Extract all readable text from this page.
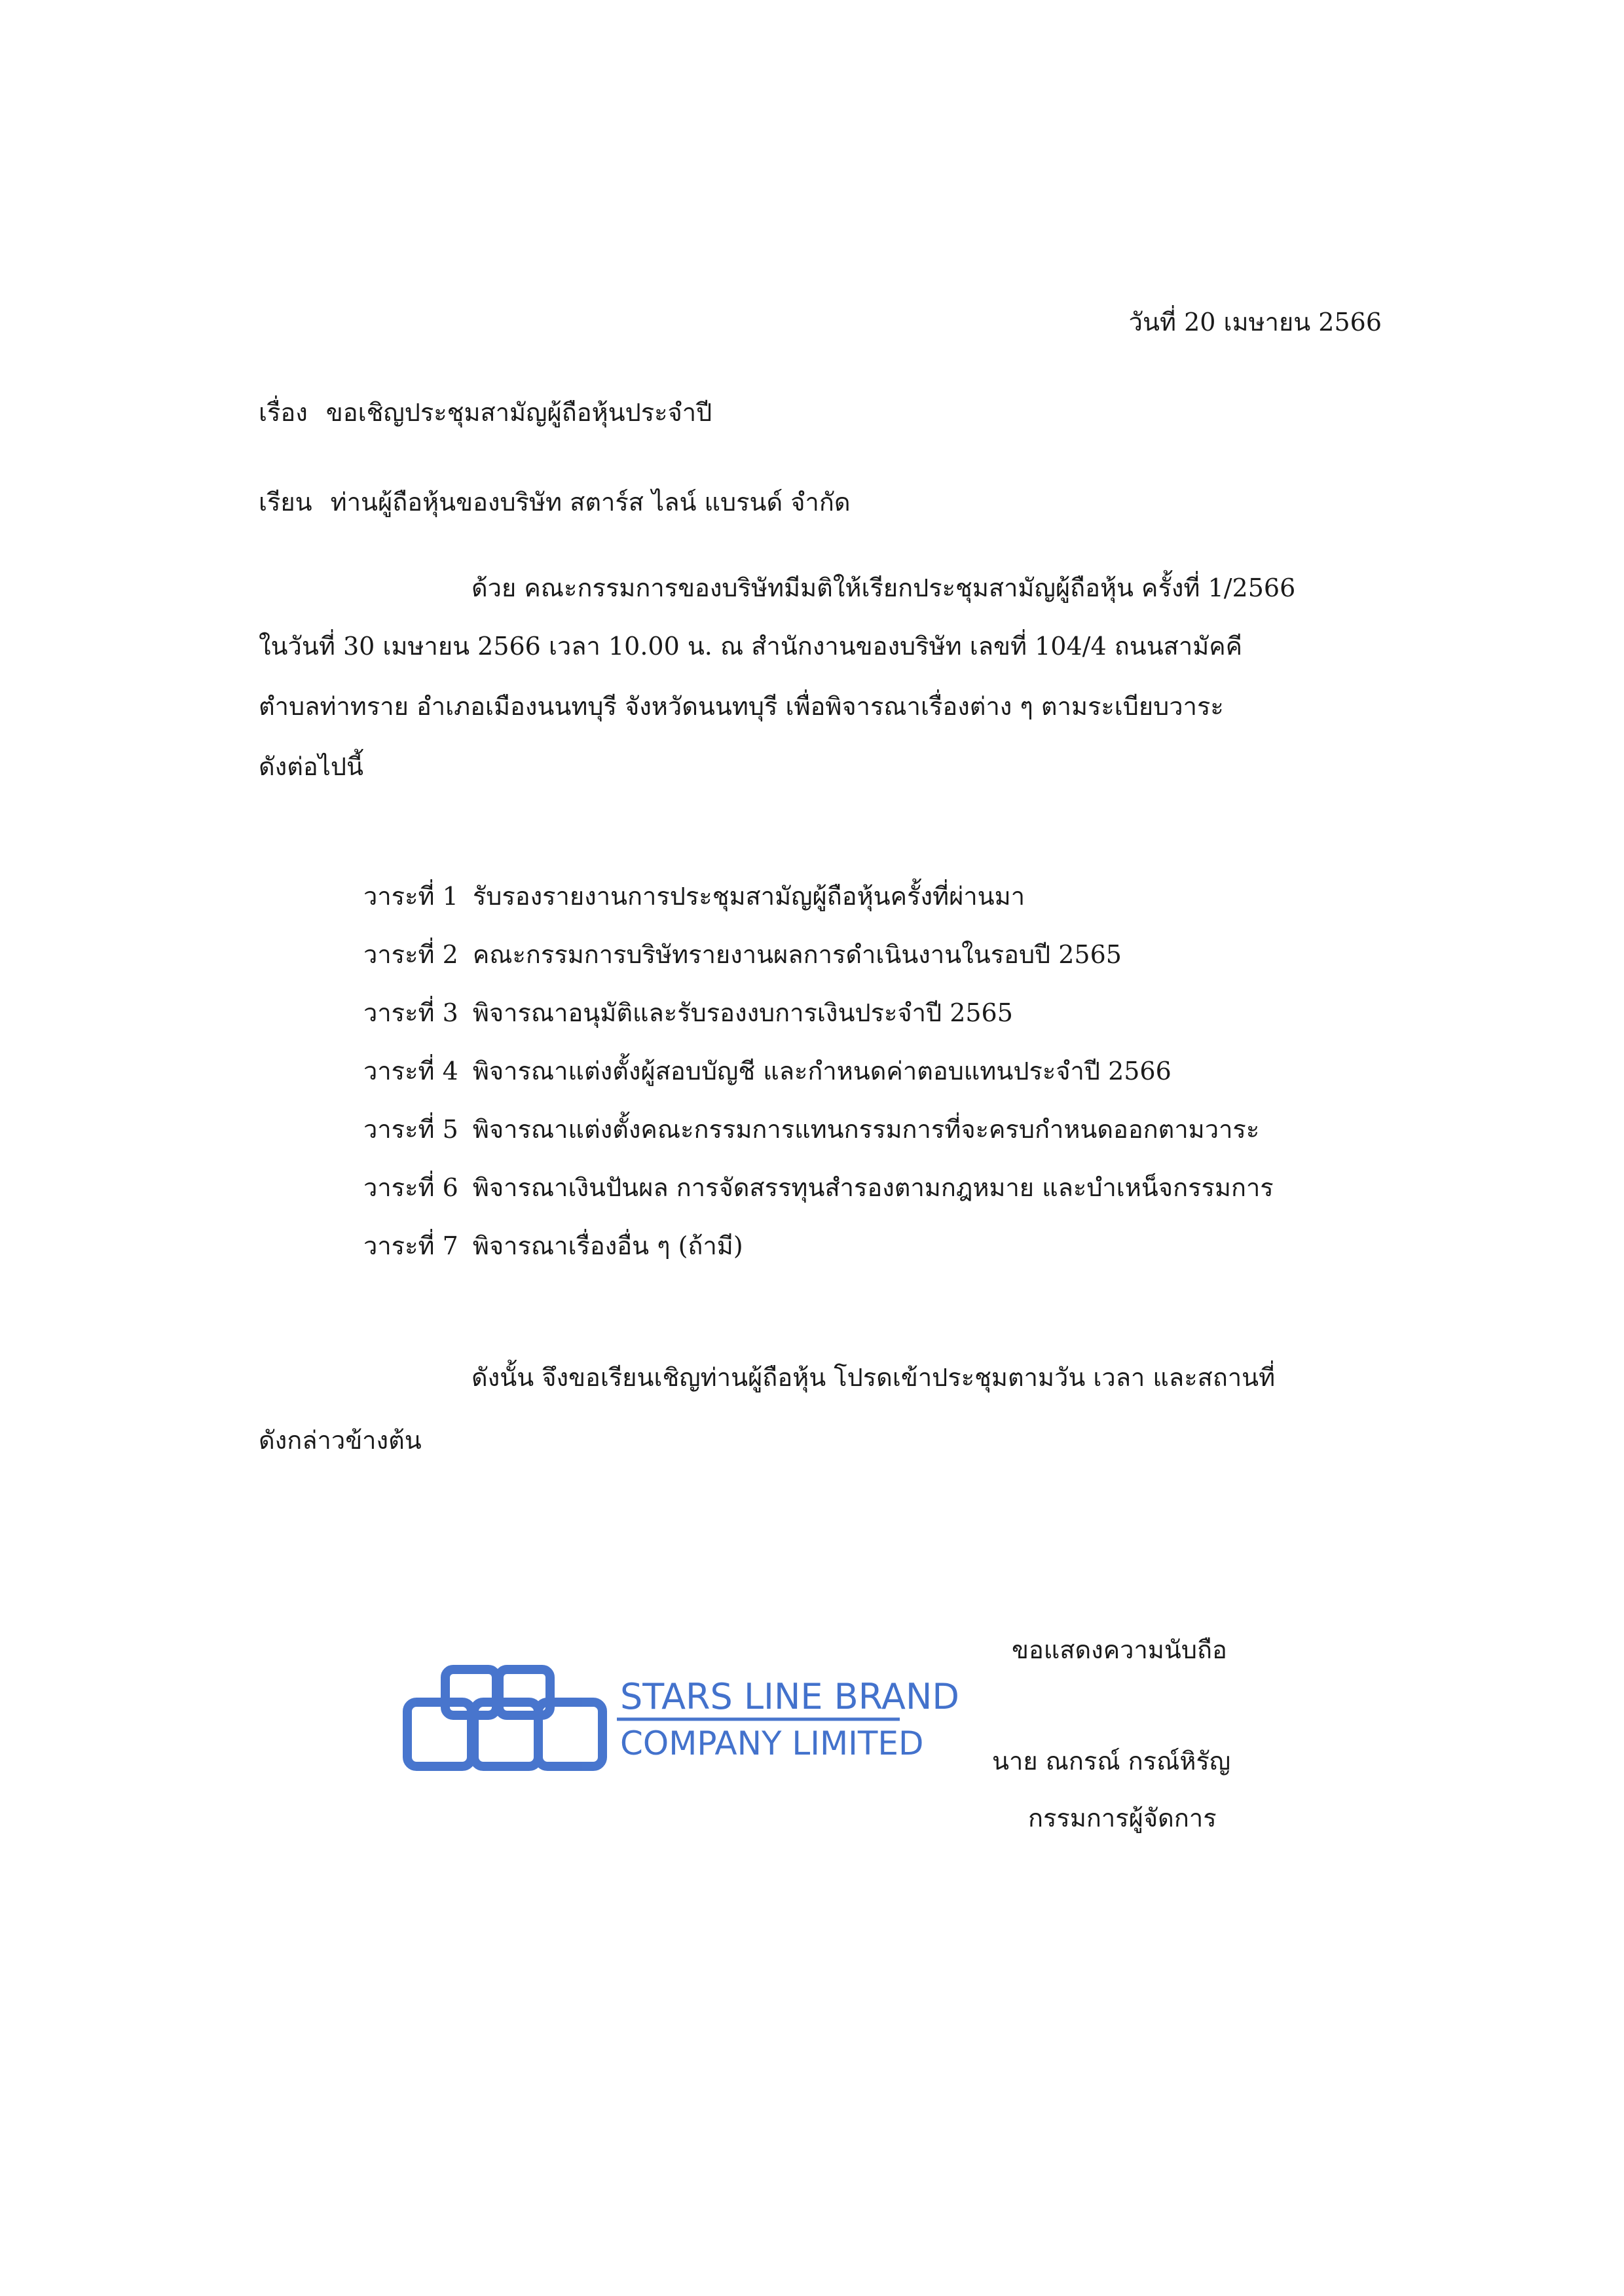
วันที่ 20 เมษายน 2566
เรื่อง ขอเชิญประชุมสามัญผู้ถือหุ้นประจำปี
เรียน ท่านผู้ถือหุ้นของบริษัท สตาร์ส ไลน์ แบรนด์ จำกัด
ด้วย คณะกรรมการของบริษัทมีมติให้เรียกประชุมสามัญผู้ถือหุ้น ครั้งที่ 1/2566
ในวันที่ 30 เมษายน 2566 เวลา 10.00 น. ณ สำนักงานของบริษัท เลขที่ 104/4 ถนนสามัคคี
ตำบลท่าทราย อำเภอเมืองนนทบุรี จังหวัดนนทบุรี เพื่อพิจารณาเรื่องต่าง ๆ ตามระเบียบวาระ
ดังต่อไปนี้
วาระที่ 1 รับรองรายงานการประชุมสามัญผู้ถือหุ้นครั้งที่ผ่านมา
วาระที่ 2 คณะกรรมการบริษัทรายงานผลการดำเนินงานในรอบปี 2565
วาระที่ 3 พิจารณาอนุมัติและรับรองงบการเงินประจำปี 2565
วาระที่ 4 พิจารณาแต่งตั้งผู้สอบบัญชี และกำหนดค่าตอบแทนประจำปี 2566
วาระที่ 5 พิจารณาแต่งตั้งคณะกรรมการแทนกรรมการที่จะครบกำหนดออกตามวาระ
วาระที่ 6 พิจารณาเงินปันผล การจัดสรรทุนสำรองตามกฎหมาย และบำเหน็จกรรมการ
วาระที่ 7 พิจารณาเรื่องอื่น ๆ (ถ้ามี)
ดังนั้น จึงขอเรียนเชิญท่านผู้ถือหุ้น โปรดเข้าประชุมตามวัน เวลา และสถานที่
ดังกล่าวข้างต้น
STARS LINE BRAND
COMPANY LIMITED
ขอแสดงความนับถือ
นาย ณกรณ์ กรณ์หิรัญ
กรรมการผู้จัดการ
